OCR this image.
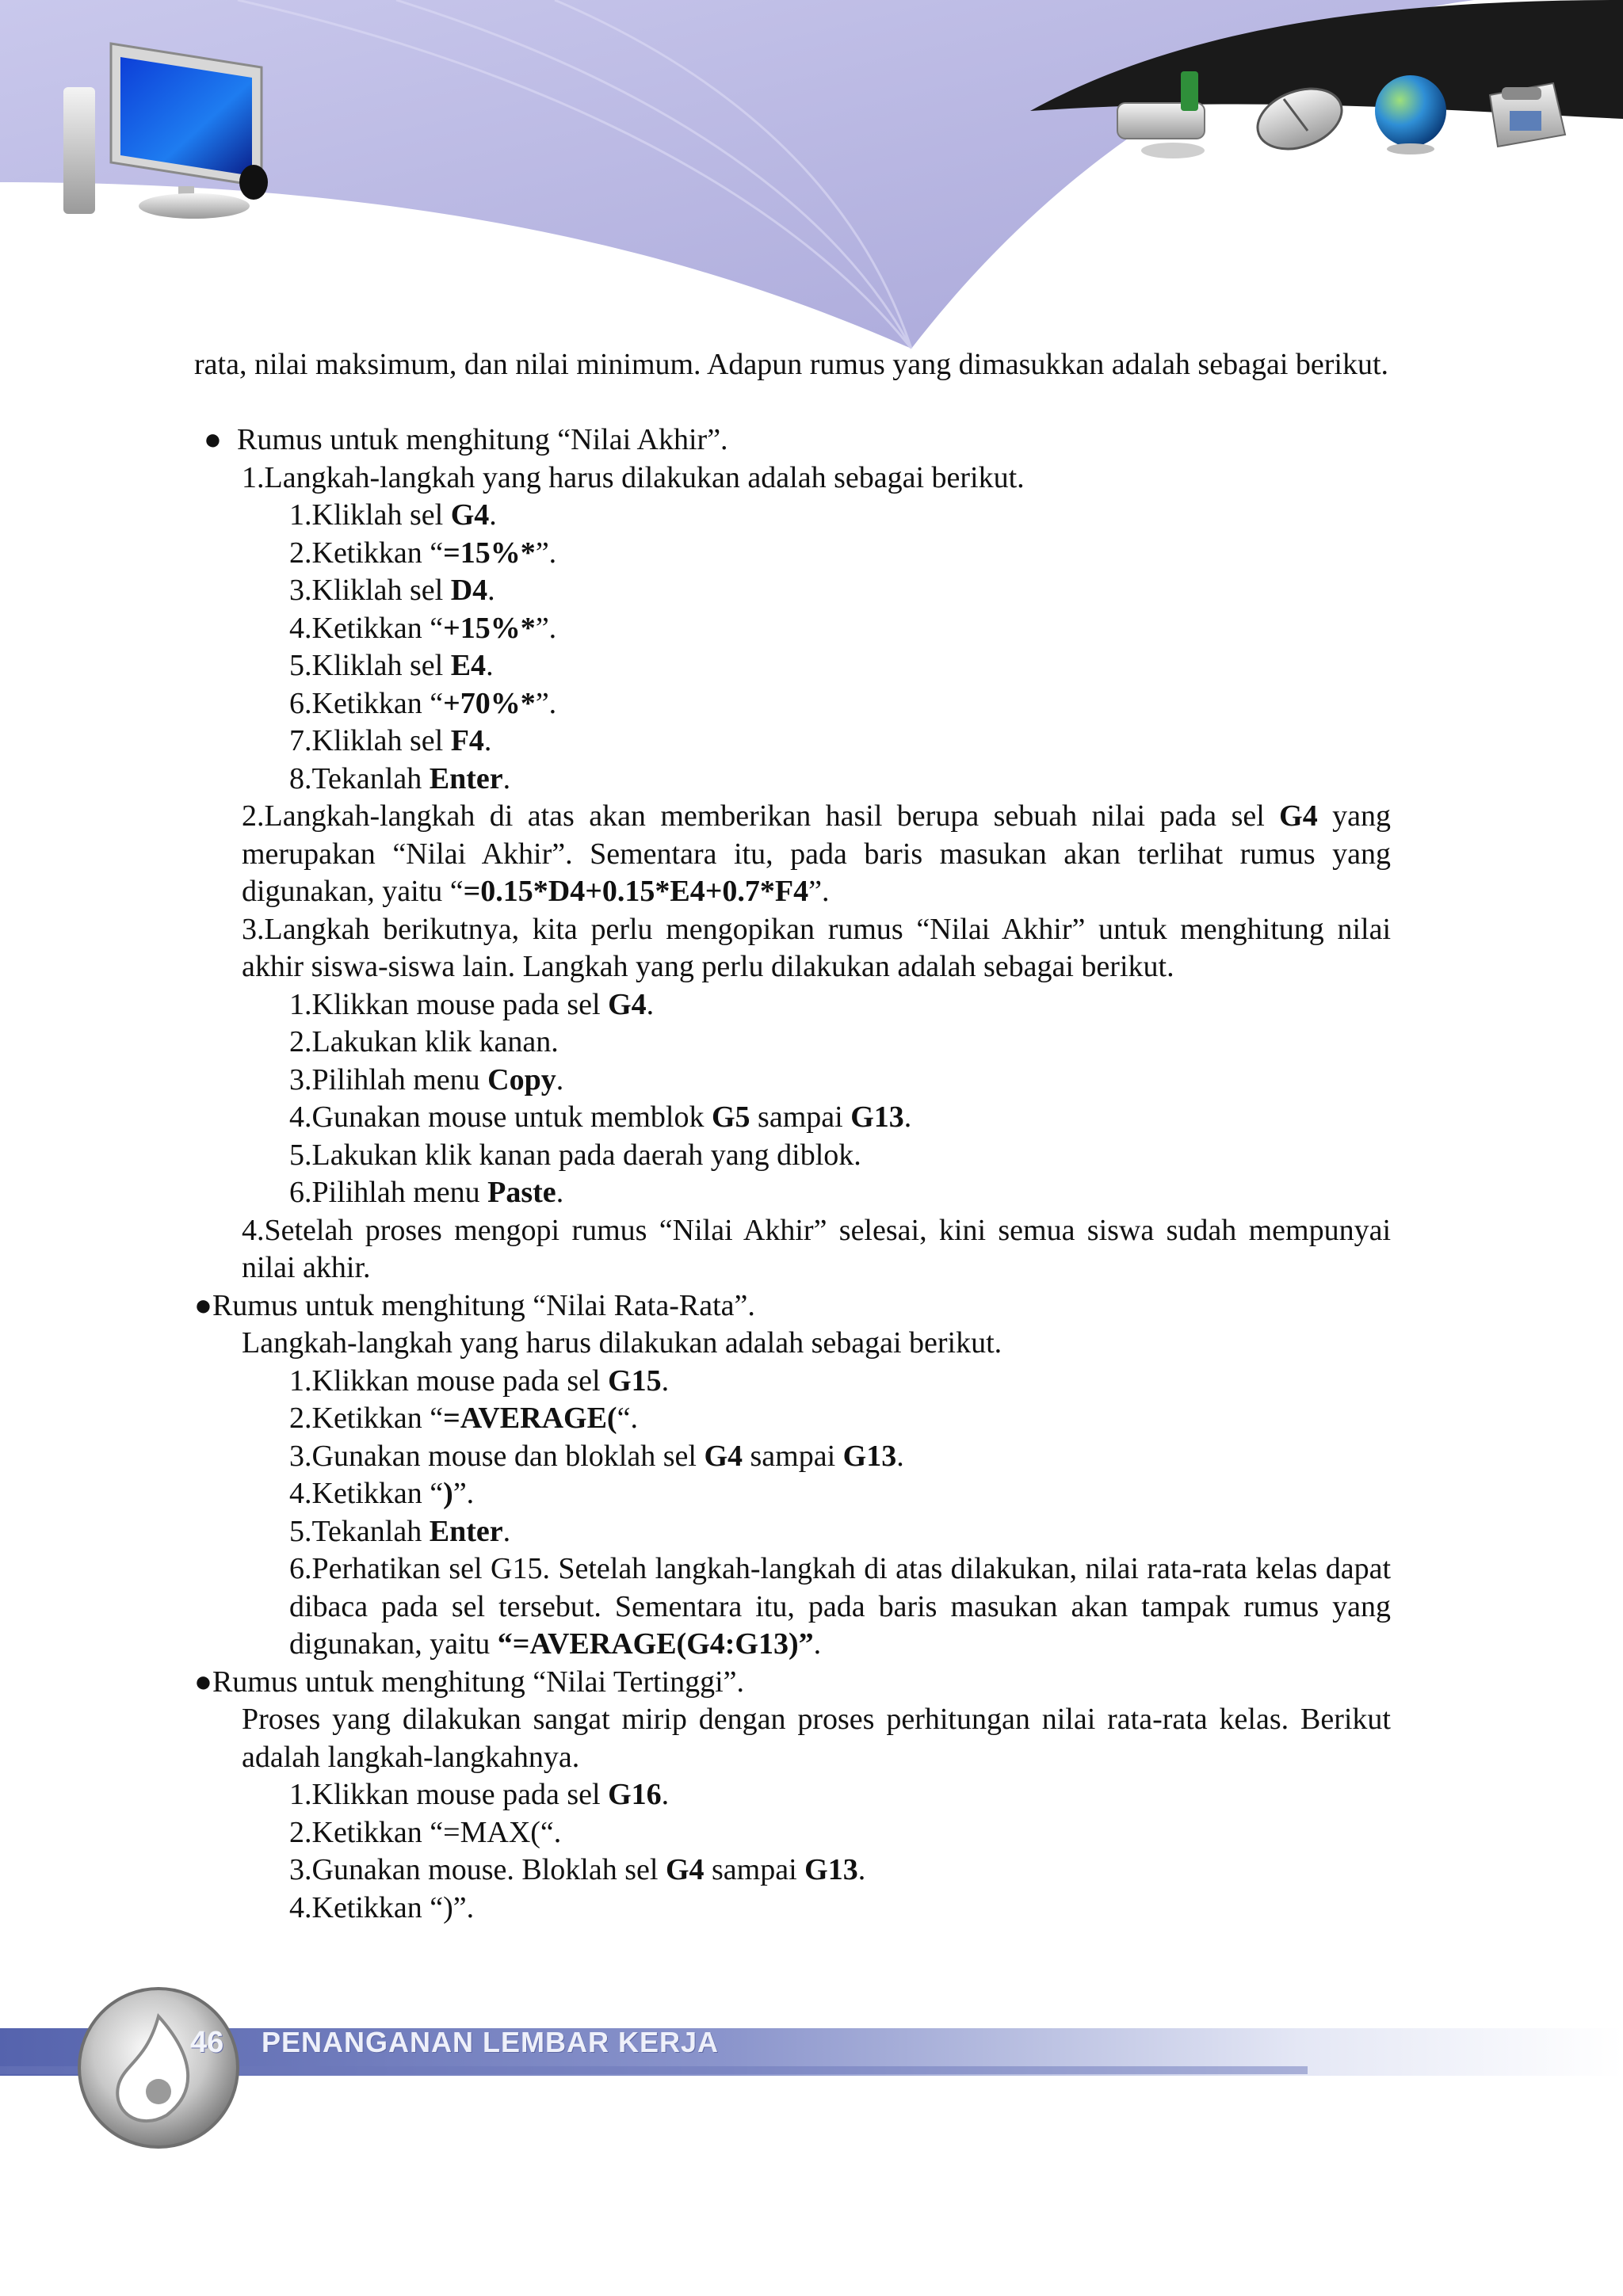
rata, nilai maksimum, dan nilai minimum. Adapun rumus yang dimasukkan adalah sebagai berikut.

● Rumus untuk menghitung “Nilai Akhir”.

1.Langkah-langkah yang harus dilakukan adalah sebagai berikut.

1.Kliklah sel G4.

2.Ketikkan “=15%*”.

3.Kliklah sel D4.

4.Ketikkan “+15%*”.

5.Kliklah sel E4.

6.Ketikkan “+70%*”.

7.Kliklah sel F4.

8.Tekanlah Enter.

2.Langkah-langkah di atas akan memberikan hasil berupa sebuah nilai pada sel G4 yang merupakan “Nilai Akhir”. Sementara itu, pada baris masukan akan terlihat rumus yang digunakan, yaitu “=0.15*D4+0.15*E4+0.7*F4”.

3.Langkah berikutnya, kita perlu mengopikan rumus “Nilai Akhir” untuk menghitung nilai akhir siswa-siswa lain. Langkah yang perlu dilakukan adalah sebagai berikut.

1.Klikkan mouse pada sel G4.

2.Lakukan klik kanan.

3.Pilihlah menu Copy.

4.Gunakan mouse untuk memblok G5 sampai G13.

5.Lakukan klik kanan pada daerah yang diblok.

6.Pilihlah menu Paste.

4.Setelah proses mengopi rumus “Nilai Akhir” selesai, kini semua siswa sudah mempunyai nilai akhir.

●Rumus untuk menghitung “Nilai Rata-Rata”.

Langkah-langkah yang harus dilakukan adalah sebagai berikut.

1.Klikkan mouse pada sel G15.

2.Ketikkan “=AVERAGE(“.

3.Gunakan mouse dan bloklah sel G4 sampai G13.

4.Ketikkan “)”.

5.Tekanlah Enter.

6.Perhatikan sel G15. Setelah langkah-langkah di atas dilakukan, nilai rata-rata kelas dapat dibaca pada sel tersebut. Sementara itu, pada baris masukan akan tampak rumus yang digunakan, yaitu “=AVERAGE(G4:G13)”.

●Rumus untuk menghitung “Nilai Tertinggi”.

Proses yang dilakukan sangat mirip dengan proses perhitungan nilai rata-rata kelas. Berikut adalah langkah-langkahnya.

1.Klikkan mouse pada sel G16.

2.Ketikkan “=MAX(“.

3.Gunakan mouse. Bloklah sel G4 sampai G13.

4.Ketikkan “)”.

46 PENANGANAN LEMBAR KERJA
